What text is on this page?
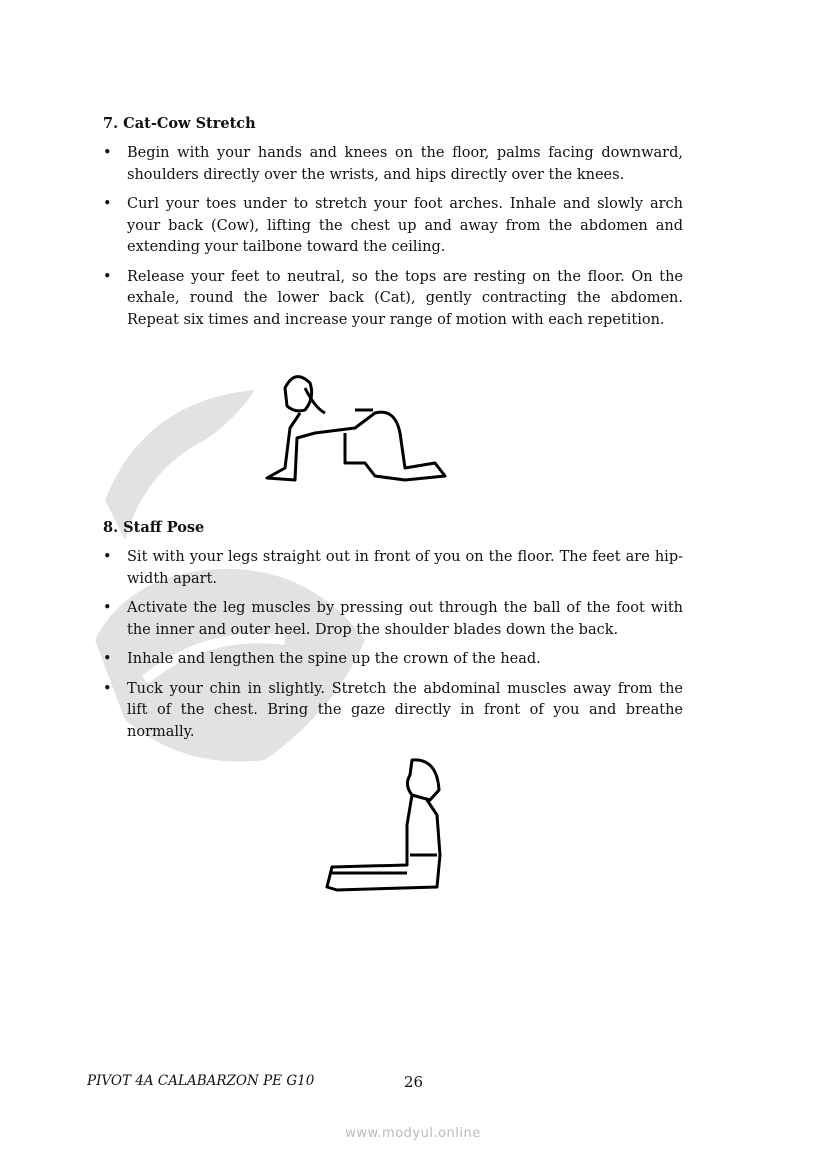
7. Cat-Cow Stretch
• Begin with your hands and knees on the floor, palms facing downward, shoulders directly over the wrists, and hips directly over the knees.
• Curl your toes under to stretch your foot arches. Inhale and slowly arch your back (Cow), lifting the chest up and away from the abdomen and extending your tailbone toward the ceiling.
• Release your feet to neutral, so the tops are resting on the floor. On the exhale, round the lower back (Cat), gently contracting the abdomen. Repeat six times and increase your range of motion with each repetition.
8. Staff Pose
• Sit with your legs straight out in front of you on the floor. The feet are hip-width apart.
• Activate the leg muscles by pressing out through the ball of the foot with the inner and outer heel. Drop the shoulder blades down the back.
• Inhale and lengthen the spine up the crown of the head.
• Tuck your chin in slightly. Stretch the abdominal muscles away from the lift of the chest. Bring the gaze directly in front of you and breathe normally.
PIVOT 4A CALABARZON PE G10	26
www.modyul.online
